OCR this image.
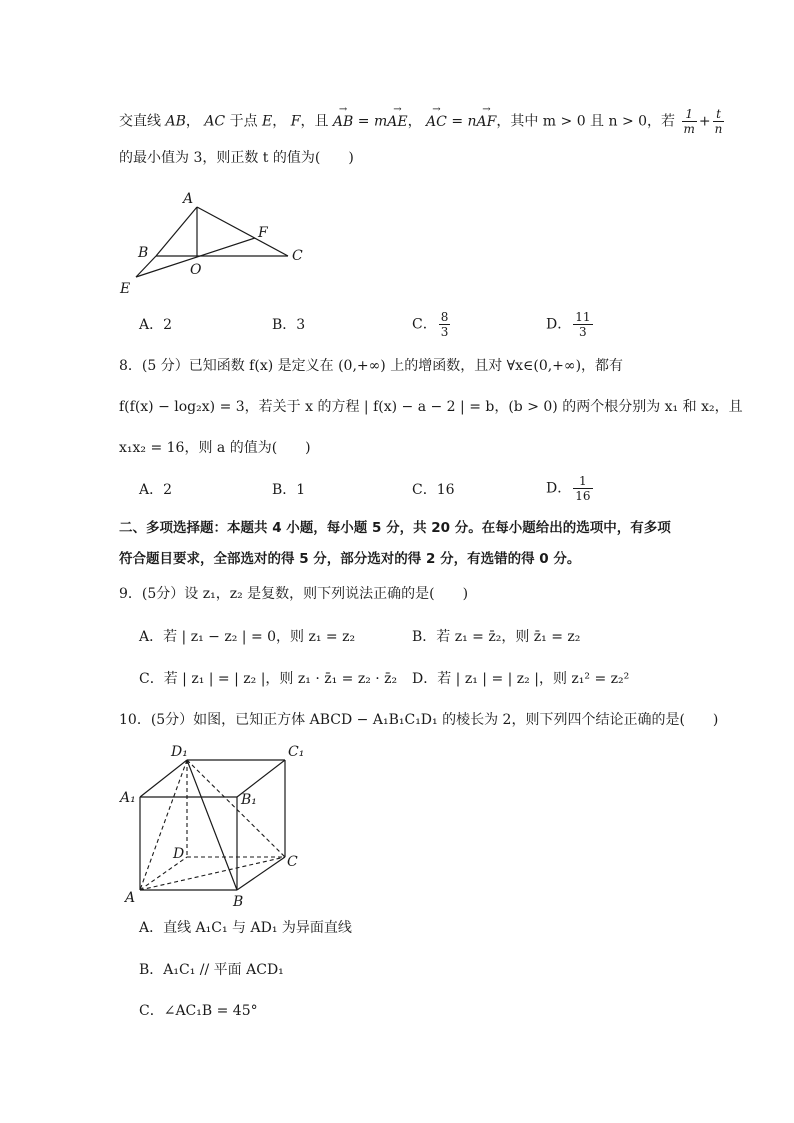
交直线 AB， AC 于点 E， F，且 → AB = m→ AE， → AC = n→ AF，其中 m > 0 且 n > 0，若 $\frac{1}{m} + \frac{t}{n}$
的最小值为 3，则正数 t 的值为(　　)
A
B
F
C
O
E
A．2	B．3	C． $\frac{8}{3}$	D． $\frac{11}{3}$
8．(5 分）已知函数 f(x) 是定义在 (0,+∞) 上的增函数，且对 ∀x∈(0,+∞)，都有
f(f(x) − log₂x) = 3，若关于 x 的方程 | f(x) − a − 2 | = b，(b > 0) 的两个根分别为 x₁ 和 x₂，且
x₁x₂ = 16，则 a 的值为(　　)
A．2	B．1	C．16	D． $\frac{1}{16}$
二、多项选择题：本题共 4 小题，每小题 5 分，共 20 分。在每小题给出的选项中，有多项
符合题目要求，全部选对的得 5 分，部分选对的得 2 分，有选错的得 0 分。
9．(5分）设 z₁，z₂ 是复数，则下列说法正确的是(　　)
A．若 | z₁ − z₂ | = 0，则 z₁ = z₂	B．若 z₁ = z̄₂，则 z̄₁ = z₂
C．若 | z₁ | = | z₂ |，则 z₁ · z̄₁ = z₂ · z̄₂ D．若 | z₁ | = | z₂ |，则 z₁² = z₂²
10．(5分）如图，已知正方体 ABCD − A₁B₁C₁D₁ 的棱长为 2，则下列四个结论正确的是(　　)
D₁	C₁
A₁	B₁
D	C
A	B
A．直线 A₁C₁ 与 AD₁ 为异面直线
B．A₁C₁ // 平面 ACD₁
C．∠AC₁B = 45°
